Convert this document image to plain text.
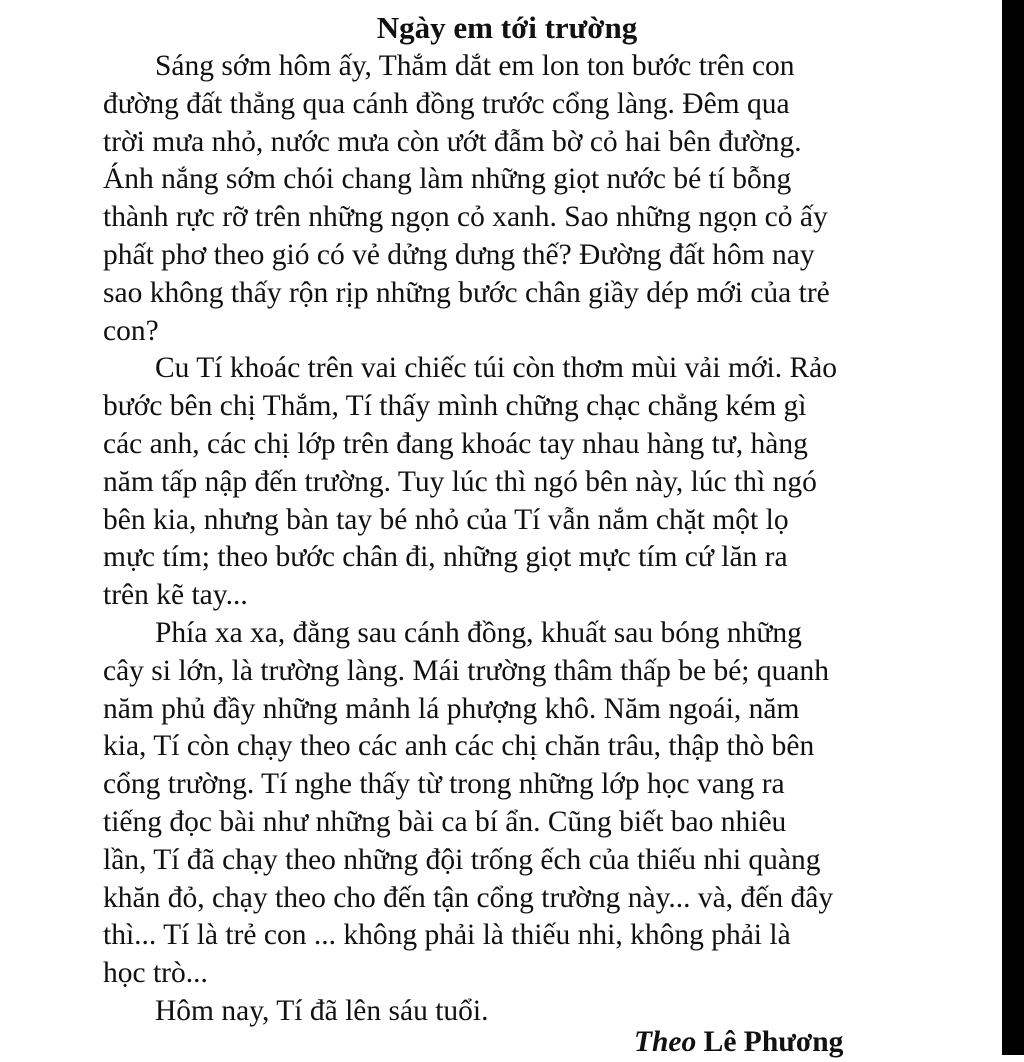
Ngày em tới trường
Sáng sớm hôm ấy, Thắm dắt em lon ton bước trên con
đường đất thẳng qua cánh đồng trước cổng làng. Đêm qua
trời mưa nhỏ, nước mưa còn ướt đẫm bờ cỏ hai bên đường.
Ánh nắng sớm chói chang làm những giọt nước bé tí bỗng
thành rực rỡ trên những ngọn cỏ xanh. Sao những ngọn cỏ ấy
phất phơ theo gió có vẻ dửng dưng thế? Đường đất hôm nay
sao không thấy rộn rịp những bước chân giầy dép mới của trẻ
con?
Cu Tí khoác trên vai chiếc túi còn thơm mùi vải mới. Rảo
bước bên chị Thắm, Tí thấy mình chững chạc chẳng kém gì
các anh, các chị lớp trên đang khoác tay nhau hàng tư, hàng
năm tấp nập đến trường. Tuy lúc thì ngó bên này, lúc thì ngó
bên kia, nhưng bàn tay bé nhỏ của Tí vẫn nắm chặt một lọ
mực tím; theo bước chân đi, những giọt mực tím cứ lăn ra
trên kẽ tay...
Phía xa xa, đằng sau cánh đồng, khuất sau bóng những
cây si lớn, là trường làng. Mái trường thâm thấp be bé; quanh
năm phủ đầy những mảnh lá phượng khô. Năm ngoái, năm
kia, Tí còn chạy theo các anh các chị chăn trâu, thập thò bên
cổng trường. Tí nghe thấy từ trong những lớp học vang ra
tiếng đọc bài như những bài ca bí ẩn. Cũng biết bao nhiêu
lần, Tí đã chạy theo những đội trống ếch của thiếu nhi quàng
khăn đỏ, chạy theo cho đến tận cổng trường này... và, đến đây
thì... Tí là trẻ con ... không phải là thiếu nhi, không phải là
học trò...
Hôm nay, Tí đã lên sáu tuổi.
Theo Lê Phương
